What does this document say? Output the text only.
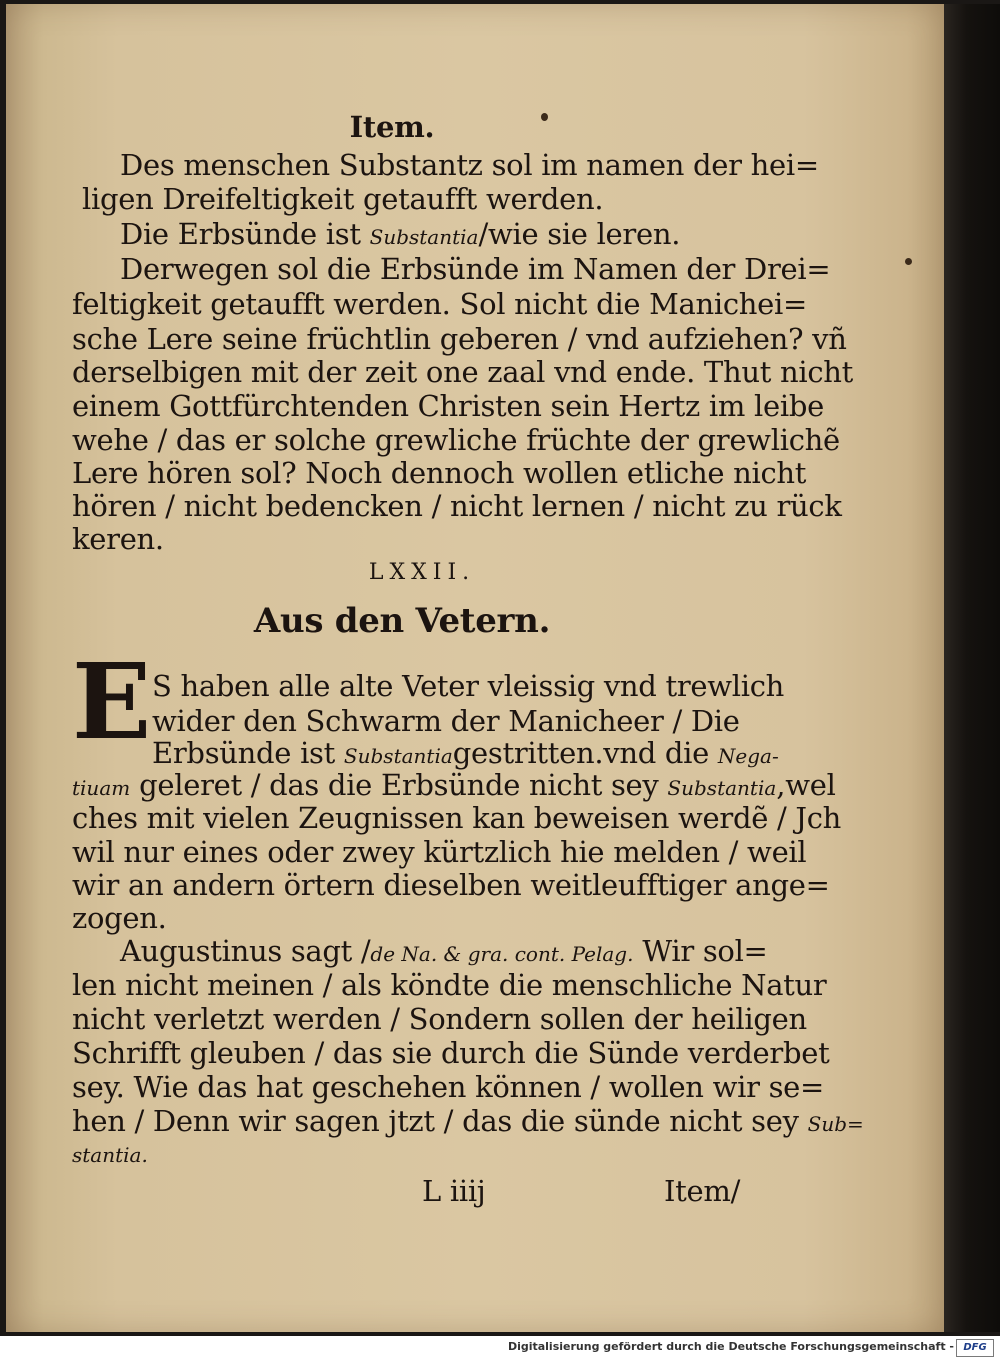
Item.
Des menschen Substantz sol im namen der hei=
ligen Dreifeltigkeit getaufft werden.
Die Erbsünde ist Substantia/wie sie leren.
Derwegen sol die Erbsünde im Namen der Drei=
feltigkeit getaufft werden. Sol nicht die Manichei=
sche Lere seine früchtlin geberen / vnd aufziehen? vñ
derselbigen mit der zeit one zaal vnd ende. Thut nicht
einem Gottfürchtenden Christen sein Hertz im leibe
wehe / das er solche grewliche früchte der grewlichẽ
Lere hören sol? Noch dennoch wollen etliche nicht
hören / nicht bedencken / nicht lernen / nicht zu rück
keren.
LXXII.
Aus den Vetern.
S haben alle alte Veter vleissig vnd trewlich
wider den Schwarm der Manicheer / Die
Erbsünde ist Substantiagestritten.vnd die Nega-
tiuam geleret / das die Erbsünde nicht sey Substantia,wel
ches mit vielen Zeugnissen kan beweisen werdẽ / Jch
wil nur eines oder zwey kürtzlich hie melden / weil
wir an andern örtern dieselben weitleufftiger ange=
zogen.
Augustinus sagt /de Na. & gra. cont. Pelag. Wir sol=
len nicht meinen / als köndte die menschliche Natur
nicht verletzt werden / Sondern sollen der heiligen
Schrifft gleuben / das sie durch die Sünde verderbet
sey. Wie das hat geschehen können / wollen wir se=
hen / Denn wir sagen jtzt / das die sünde nicht sey Sub=
stantia.
L iiij	Item/
E
Digitalisierung gefördert durch die Deutsche Forschungsgemeinschaft - DFG
